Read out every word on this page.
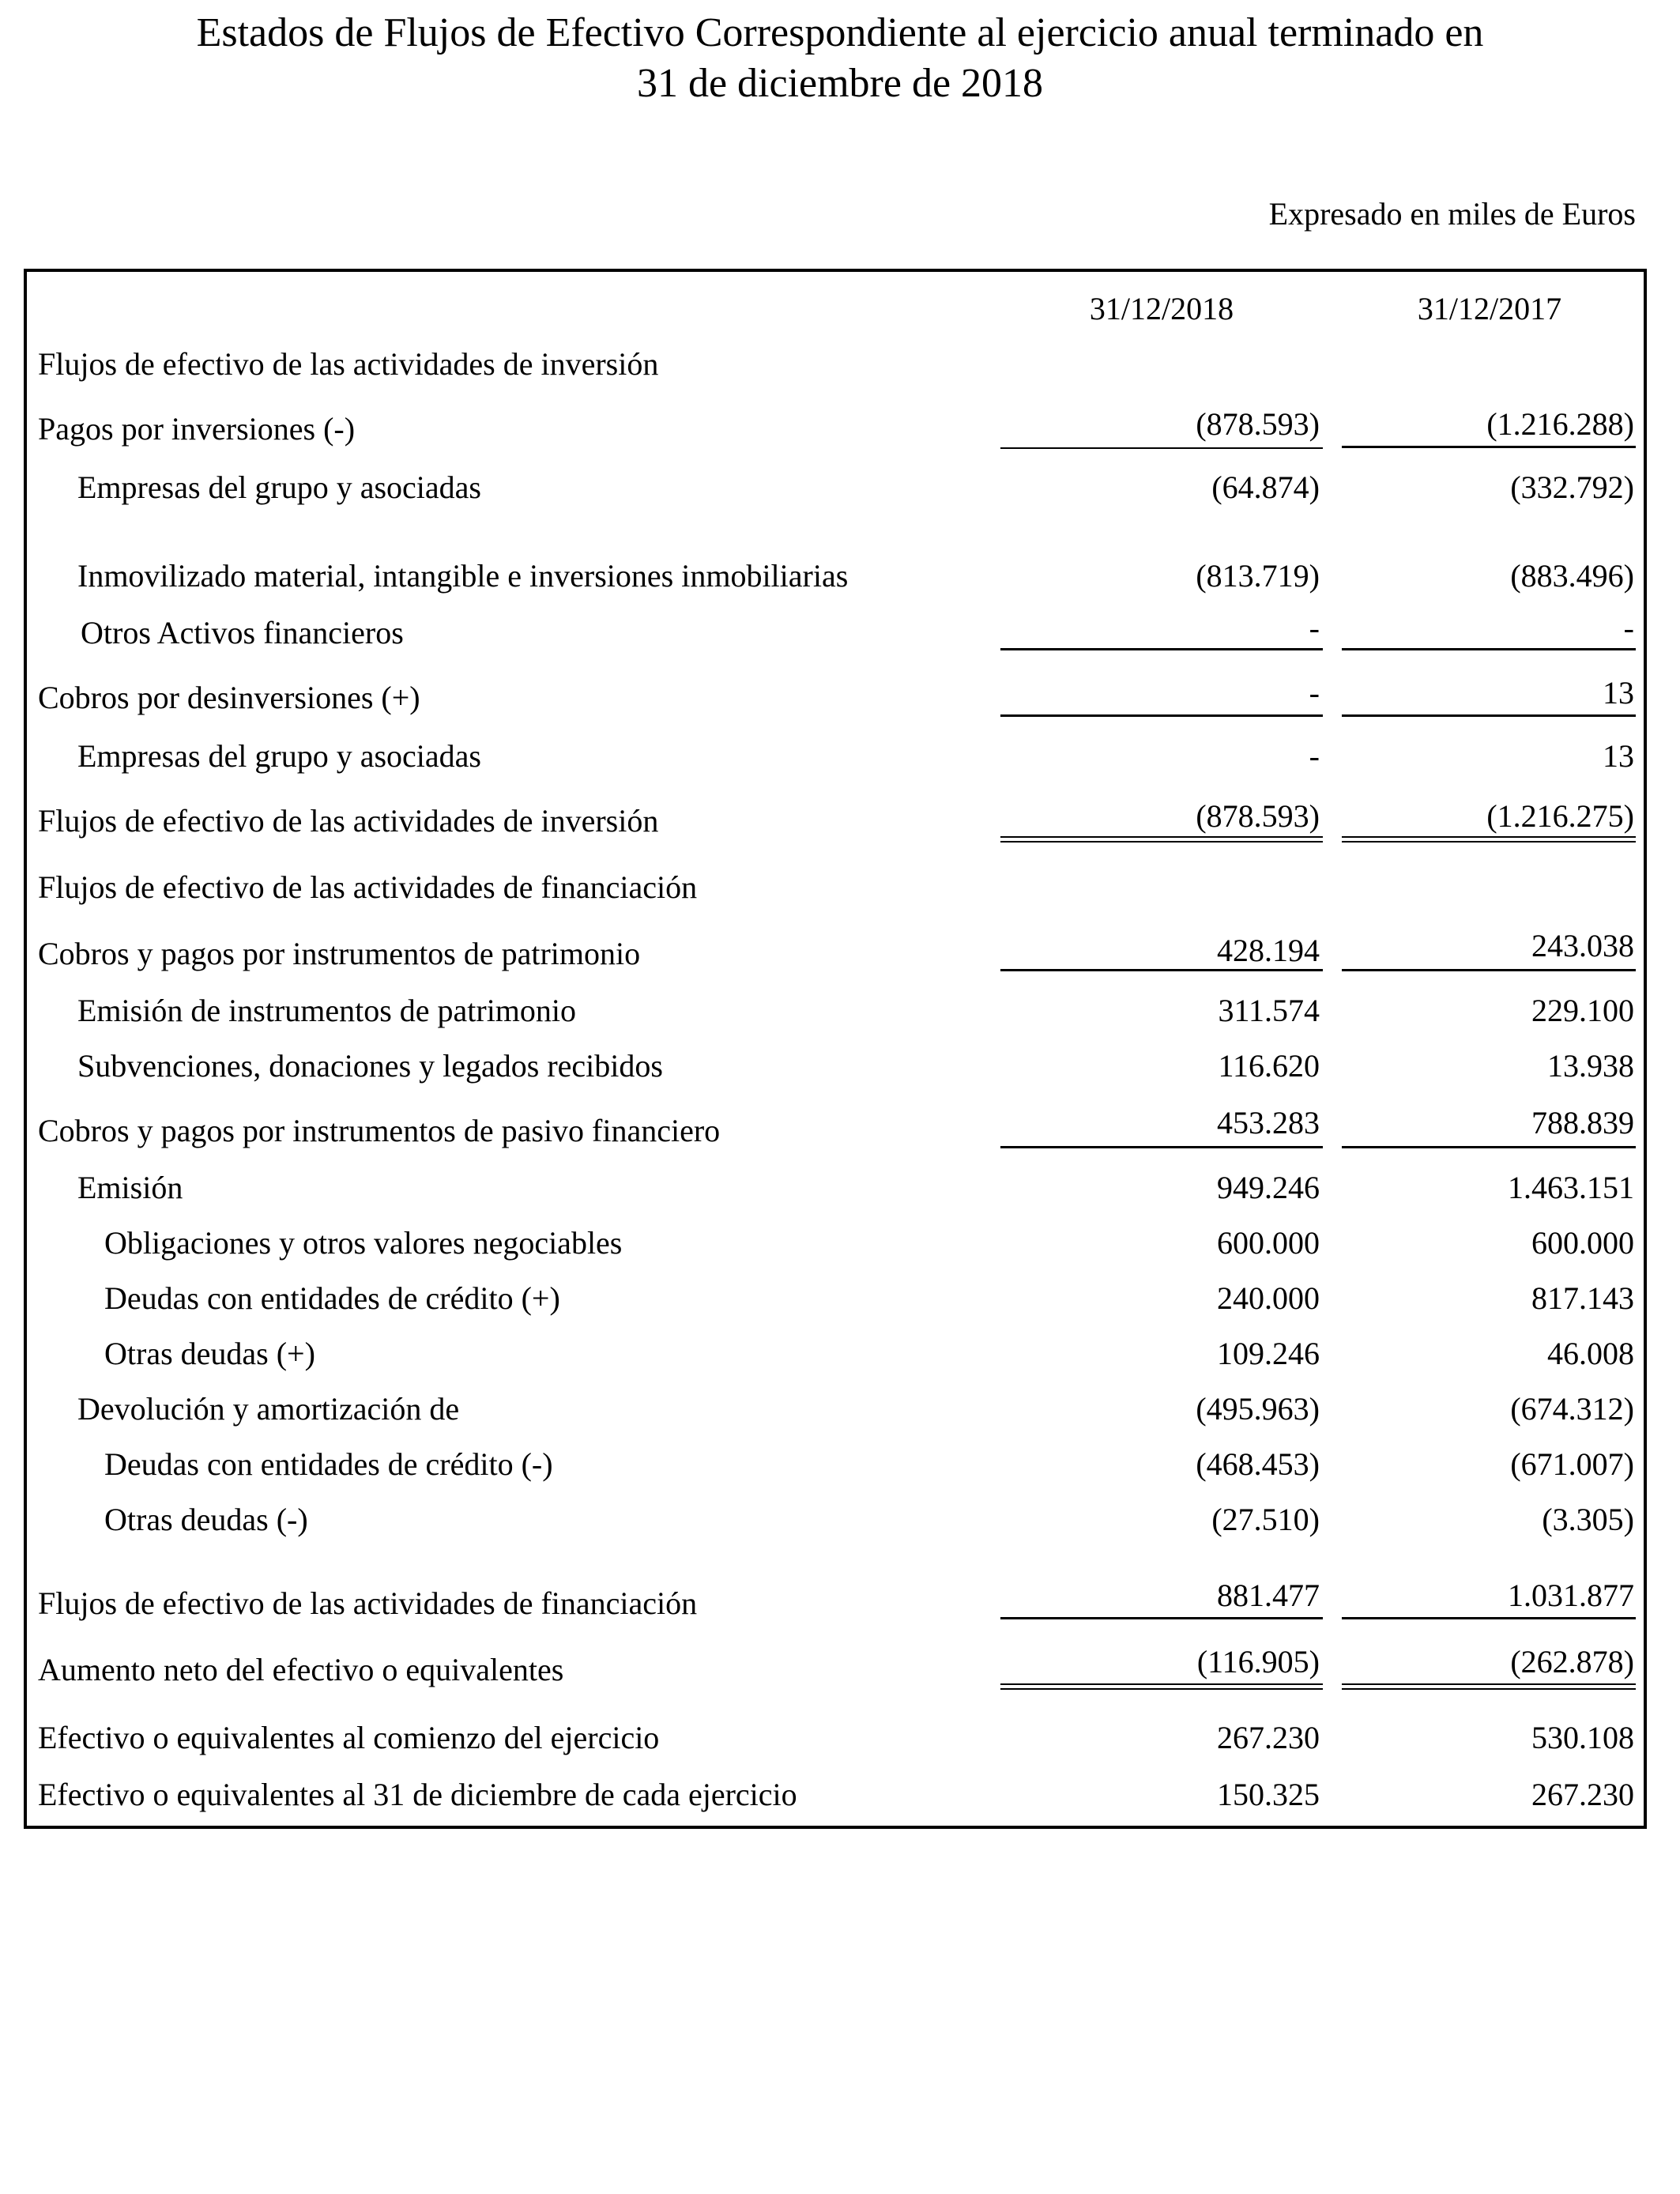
Estados de Flujos de Efectivo Correspondiente al ejercicio anual terminado en
31 de diciembre de 2018
Expresado en miles de Euros
31/12/2018	31/12/2017
Flujos de efectivo de las actividades de inversión
Pagos por inversiones (-)	(878.593)	(1.216.288)
Empresas del grupo y asociadas	(64.874)	(332.792)
Inmovilizado material, intangible e inversiones inmobiliarias	(813.719)	(883.496)
Otros Activos financieros	-	-
Cobros por desinversiones (+)	-	13
Empresas del grupo y asociadas	-	13
Flujos de efectivo de las actividades de inversión	(878.593)	(1.216.275)
Flujos de efectivo de las actividades de financiación
Cobros y pagos por instrumentos de patrimonio	428.194	243.038
Emisión de instrumentos de patrimonio	311.574	229.100
Subvenciones, donaciones y legados recibidos	116.620	13.938
Cobros y pagos por instrumentos de pasivo financiero	453.283	788.839
Emisión	949.246	1.463.151
Obligaciones y otros valores negociables	600.000	600.000
Deudas con entidades de crédito (+)	240.000	817.143
Otras deudas (+)	109.246	46.008
Devolución y amortización de	(495.963)	(674.312)
Deudas con entidades de crédito (-)	(468.453)	(671.007)
Otras deudas (-)	(27.510)	(3.305)
Flujos de efectivo de las actividades de financiación	881.477	1.031.877
Aumento neto del efectivo o equivalentes	(116.905)	(262.878)
Efectivo o equivalentes al comienzo del ejercicio	267.230	530.108
Efectivo o equivalentes al 31 de diciembre de cada ejercicio	150.325	267.230
